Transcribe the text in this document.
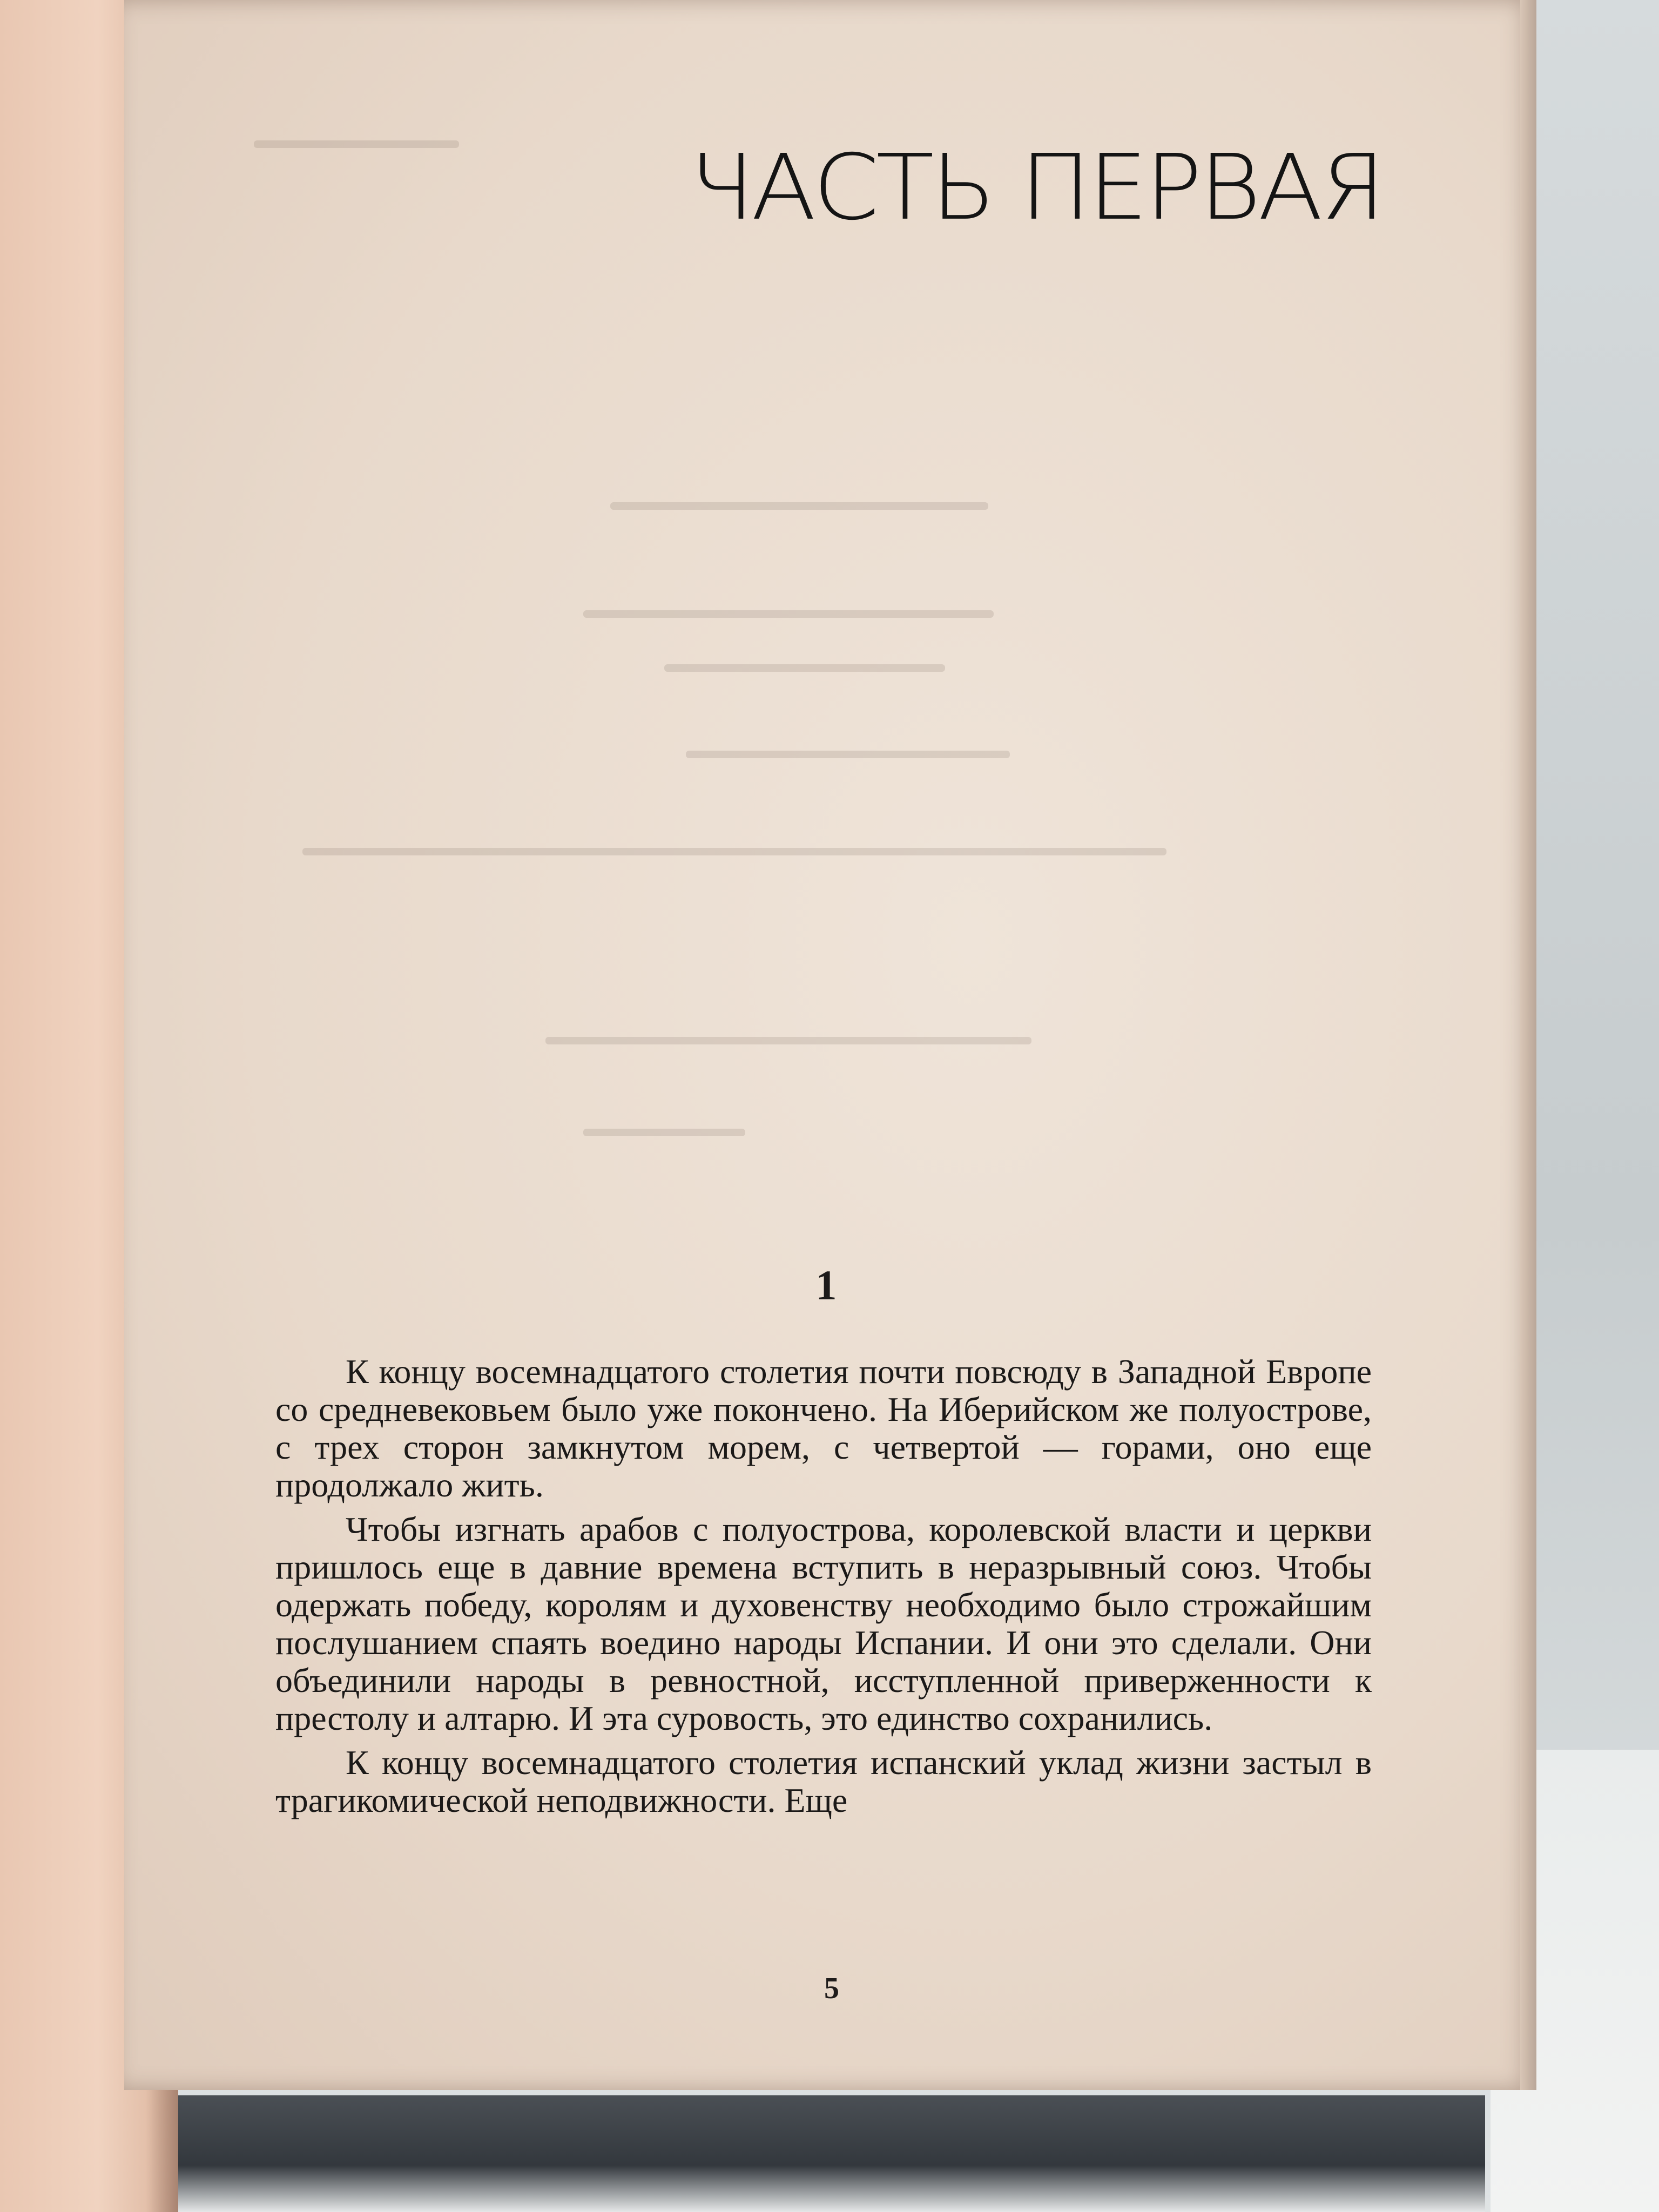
ЧАСТЬ ПЕРВАЯ
1

К концу восемнадцатого столетия почти повсюду в Западной Европе со средневековьем было уже покончено. На Иберийском же полуострове, с трех сторон замкнутом морем, с четвертой — горами, оно еще продолжало жить.

Чтобы изгнать арабов с полуострова, королевской власти и церкви пришлось еще в давние времена вступить в неразрывный союз. Чтобы одержать победу, королям и духовенству необходимо было строжайшим послушанием спаять воедино народы Испании. И они это сделали. Они объединили народы в ревностной, исступленной приверженности к престолу и алтарю. И эта суровость, это единство сохранились.

К концу восемнадцатого столетия испанский уклад жизни застыл в трагикомической неподвижности. Еще

5
